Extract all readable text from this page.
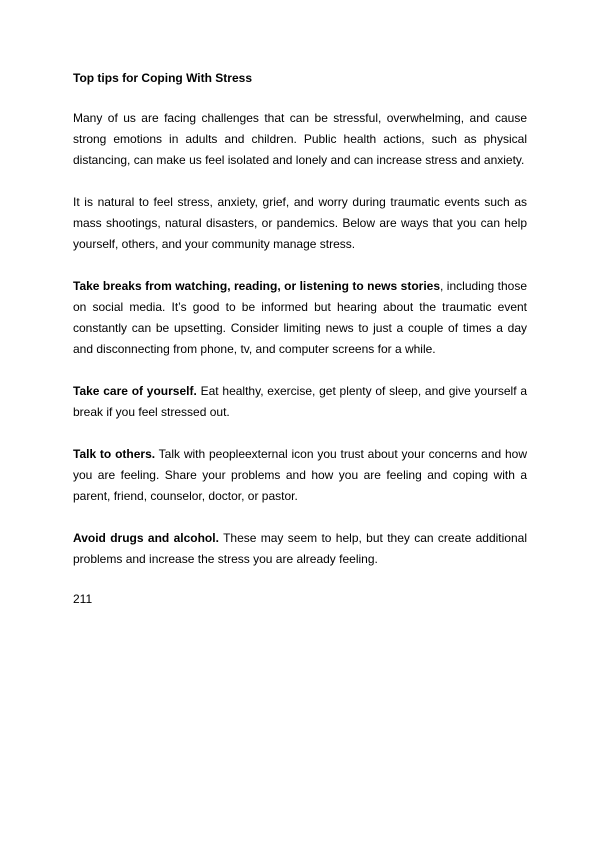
Top tips for Coping With Stress

Many of us are facing challenges that can be stressful, overwhelming, and cause strong emotions in adults and children. Public health actions, such as physical distancing, can make us feel isolated and lonely and can increase stress and anxiety.

It is natural to feel stress, anxiety, grief, and worry during traumatic events such as mass shootings, natural disasters, or pandemics. Below are ways that you can help yourself, others, and your community manage stress.

Take breaks from watching, reading, or listening to news stories, including those on social media. It’s good to be informed but hearing about the traumatic event constantly can be upsetting. Consider limiting news to just a couple of times a day and disconnecting from phone, tv, and computer screens for a while.

Take care of yourself. Eat healthy, exercise, get plenty of sleep, and give yourself a break if you feel stressed out.

Talk to others. Talk with peopleexternal icon you trust about your concerns and how you are feeling. Share your problems and how you are feeling and coping with a parent, friend, counselor, doctor, or pastor.

Avoid drugs and alcohol. These may seem to help, but they can create additional problems and increase the stress you are already feeling.

211
